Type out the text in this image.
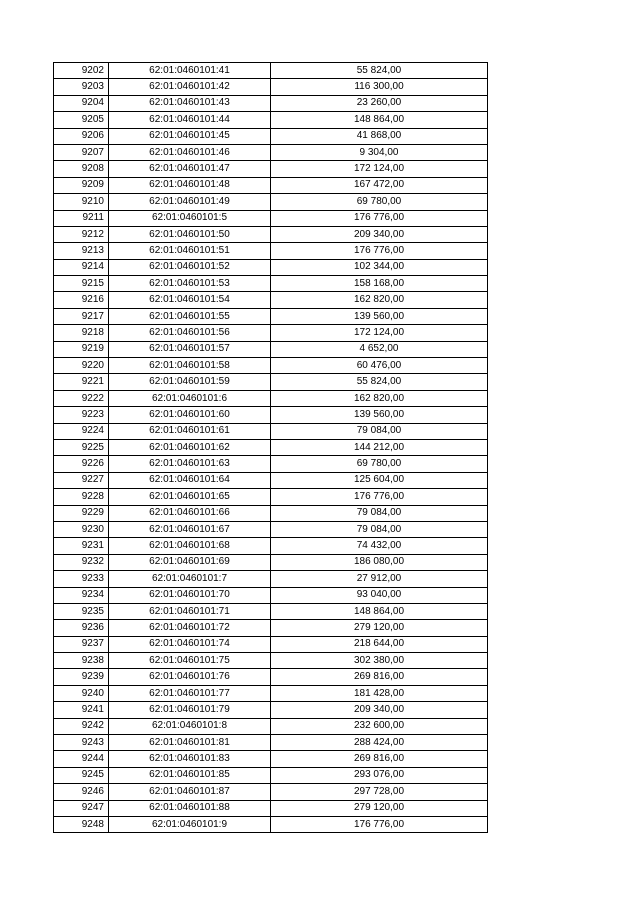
9202	62:01:0460101:41	55 824,00
9203	62:01:0460101:42	116 300,00
9204	62:01:0460101:43	23 260,00
9205	62:01:0460101:44	148 864,00
9206	62:01:0460101:45	41 868,00
9207	62:01:0460101:46	9 304,00
9208	62:01:0460101:47	172 124,00
9209	62:01:0460101:48	167 472,00
9210	62:01:0460101:49	69 780,00
9211	62:01:0460101:5	176 776,00
9212	62:01:0460101:50	209 340,00
9213	62:01:0460101:51	176 776,00
9214	62:01:0460101:52	102 344,00
9215	62:01:0460101:53	158 168,00
9216	62:01:0460101:54	162 820,00
9217	62:01:0460101:55	139 560,00
9218	62:01:0460101:56	172 124,00
9219	62:01:0460101:57	4 652,00
9220	62:01:0460101:58	60 476,00
9221	62:01:0460101:59	55 824,00
9222	62:01:0460101:6	162 820,00
9223	62:01:0460101:60	139 560,00
9224	62:01:0460101:61	79 084,00
9225	62:01:0460101:62	144 212,00
9226	62:01:0460101:63	69 780,00
9227	62:01:0460101:64	125 604,00
9228	62:01:0460101:65	176 776,00
9229	62:01:0460101:66	79 084,00
9230	62:01:0460101:67	79 084,00
9231	62:01:0460101:68	74 432,00
9232	62:01:0460101:69	186 080,00
9233	62:01:0460101:7	27 912,00
9234	62:01:0460101:70	93 040,00
9235	62:01:0460101:71	148 864,00
9236	62:01:0460101:72	279 120,00
9237	62:01:0460101:74	218 644,00
9238	62:01:0460101:75	302 380,00
9239	62:01:0460101:76	269 816,00
9240	62:01:0460101:77	181 428,00
9241	62:01:0460101:79	209 340,00
9242	62:01:0460101:8	232 600,00
9243	62:01:0460101:81	288 424,00
9244	62:01:0460101:83	269 816,00
9245	62:01:0460101:85	293 076,00
9246	62:01:0460101:87	297 728,00
9247	62:01:0460101:88	279 120,00
9248	62:01:0460101:9	176 776,00
